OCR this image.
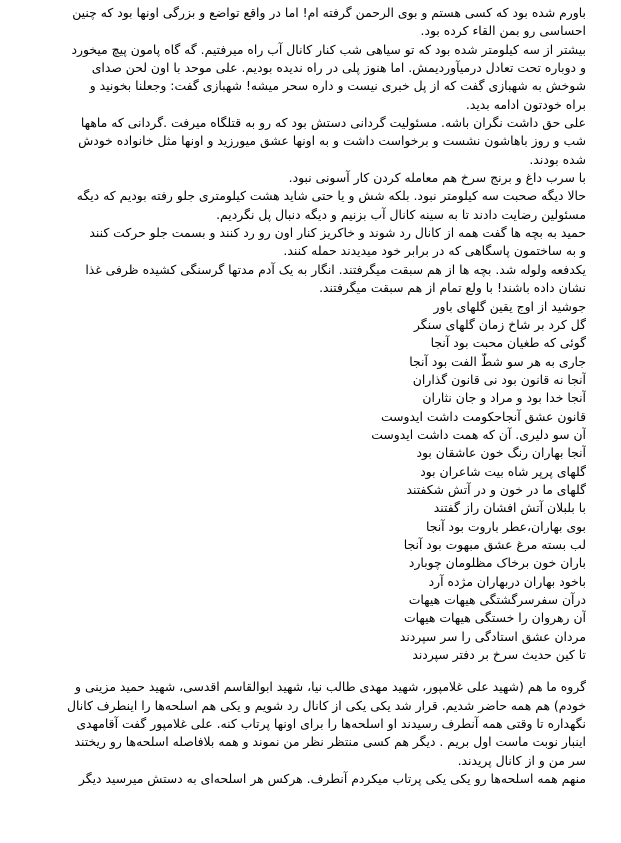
باورم شده بود که کسی هستم و بوی الرحمن گرفته ام! اما در واقع تواضع و بزرگی اونها بود که چنین
احساسی رو بمن القاء کرده بود.
بیشتر از سه کیلومتر شده بود که تو سیاهی شب کنار کانال آب راه میرفتیم. گه گاه پامون پیچ میخورد
و دوباره تحت تعادل درمیآوردیمش. اما هنوز پلی در راه ندیده بودیم. علی موحد با اون لحن صدای
شوخش به شهبازی گفت که از پل خبری نیست و داره سحر میشه! شهبازی گفت: وجعلنا بخونید و
براه خودتون ادامه بدید.
علی حق داشت نگران باشه. مسئولیت گردانی دستش بود که رو به قتلگاه میرفت .گردانی که ماهها
شب و روز باهاشون نشست و برخواست داشت و به اونها عشق میورزید و اونها مثل خانواده خودش
شده بودند.
با سرب داغ و برنج سرخ هم معامله کردن کار آسونی نبود.
حالا دیگه صحبت سه کیلومتر نبود. بلکه شش و یا حتی شاید هشت کیلومتری جلو رفته بودیم که دیگه
مسئولین رضایت دادند تا به سینه کانال آب بزنیم و دیگه دنبال پل نگردیم.
حمید به بچه ها گفت همه از کانال رد شوند و خاکریز کنار اون رو رد کنند و بسمت جلو حرکت کنند
و به ساختمون پاسگاهی که در برابر خود میدیدند حمله کنند.
یکدفعه ولوله شد. بچه ها از هم سبقت میگرفتند. انگار به یک آدم مدتها گرسنگی کشیده ظرفی غذا
نشان داده باشند! با ولع تمام از هم سبقت میگرفتند.
جوشید از اوج یقین گلهای باور
گل کرد بر شاخ زمان گلهای سنگر
گوئی که طغیان محبت بود آنجا
جاری به هر سو شطّ الفت بود آنجا
آنجا نه قانون بود نی قانون گذاران
آنجا خدا بود و مراد و جان نثاران
قانون عشق آنجاحکومت داشت ایدوست
آن سو دلیری. آن که همت داشت ایدوست
آنجا بهاران رنگ خون عاشقان بود
گلهای پرپر شاه بیت شاعران بود
گلهای ما در خون و در آتش شکفتند
با بلبلان آتش افشان راز گفتند
بوی بهاران،عطر باروت بود آنجا
لب بسته مرغ عشق مبهوت بود آنجا
باران خون برخاک مظلومان چوبارد
باخود بهاران دربهاران مژده آرد
درآن سفرسرگشتگی هیهات هیهات
آن رهروان را خستگی هیهات هیهات
مردان عشق استادگی را سر سپردند
تا کین حدیث سرخ بر دفتر سپردند
گروه ما هم (شهید علی غلامپور، شهید مهدی طالب نیا، شهید ابوالقاسم اقدسی، شهید حمید مزینی و
خودم) هم همه حاضر شدیم. قرار شد یکی یکی از کانال رد شویم و یکی هم اسلحه‌ها را اینطرف کانال
نگهداره تا وقتی همه آنطرف رسیدند او اسلحه‌ها را برای اونها پرتاب کنه. علی غلامپور گفت آقامهدی
اینبار نوبت ماست اول بریم . دیگر هم کسی منتظر نظر من نموند و همه بلافاصله اسلحه‌ها رو ریختند
سر من و از کانال پریدند.
منهم همه اسلحه‌ها رو یکی یکی پرتاب میکردم آنطرف. هرکس هر اسلحه‌ای به دستش میرسید دیگر
